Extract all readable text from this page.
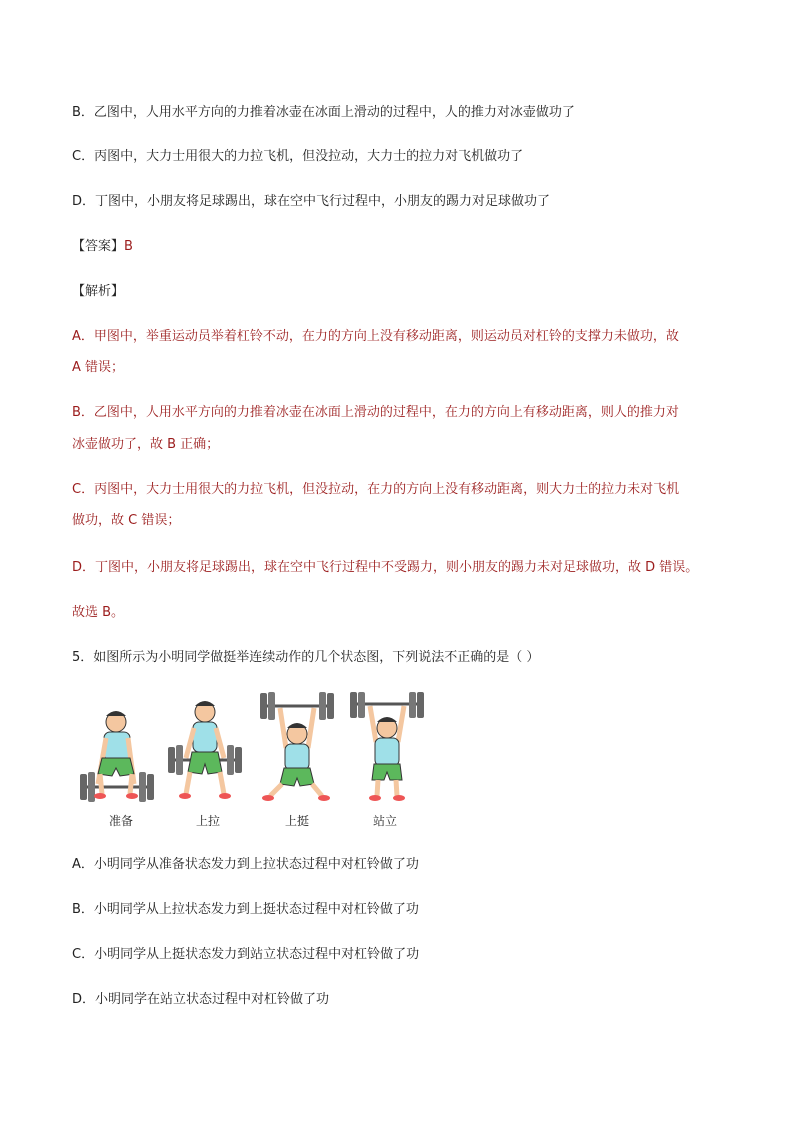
B．乙图中，人用水平方向的力推着冰壶在冰面上滑动的过程中，人的推力对冰壶做功了
C．丙图中，大力士用很大的力拉飞机，但没拉动，大力士的拉力对飞机做功了
D．丁图中，小朋友将足球踢出，球在空中飞行过程中，小朋友的踢力对足球做功了
【答案】B
【解析】
A．甲图中，举重运动员举着杠铃不动，在力的方向上没有移动距离，则运动员对杠铃的支撑力未做功，故
A 错误；
B．乙图中，人用水平方向的力推着冰壶在冰面上滑动的过程中，在力的方向上有移动距离，则人的推力对
冰壶做功了，故 B 正确；
C．丙图中，大力士用很大的力拉飞机，但没拉动，在力的方向上没有移动距离，则大力士的拉力未对飞机
做功，故 C 错误；
D．丁图中，小朋友将足球踢出，球在空中飞行过程中不受踢力，则小朋友的踢力未对足球做功，故 D 错误。
故选 B。
5．如图所示为小明同学做挺举连续动作的几个状态图，下列说法不正确的是（ ）
准备	上拉	上挺	站立
A．小明同学从准备状态发力到上拉状态过程中对杠铃做了功
B．小明同学从上拉状态发力到上挺状态过程中对杠铃做了功
C．小明同学从上挺状态发力到站立状态过程中对杠铃做了功
D．小明同学在站立状态过程中对杠铃做了功
